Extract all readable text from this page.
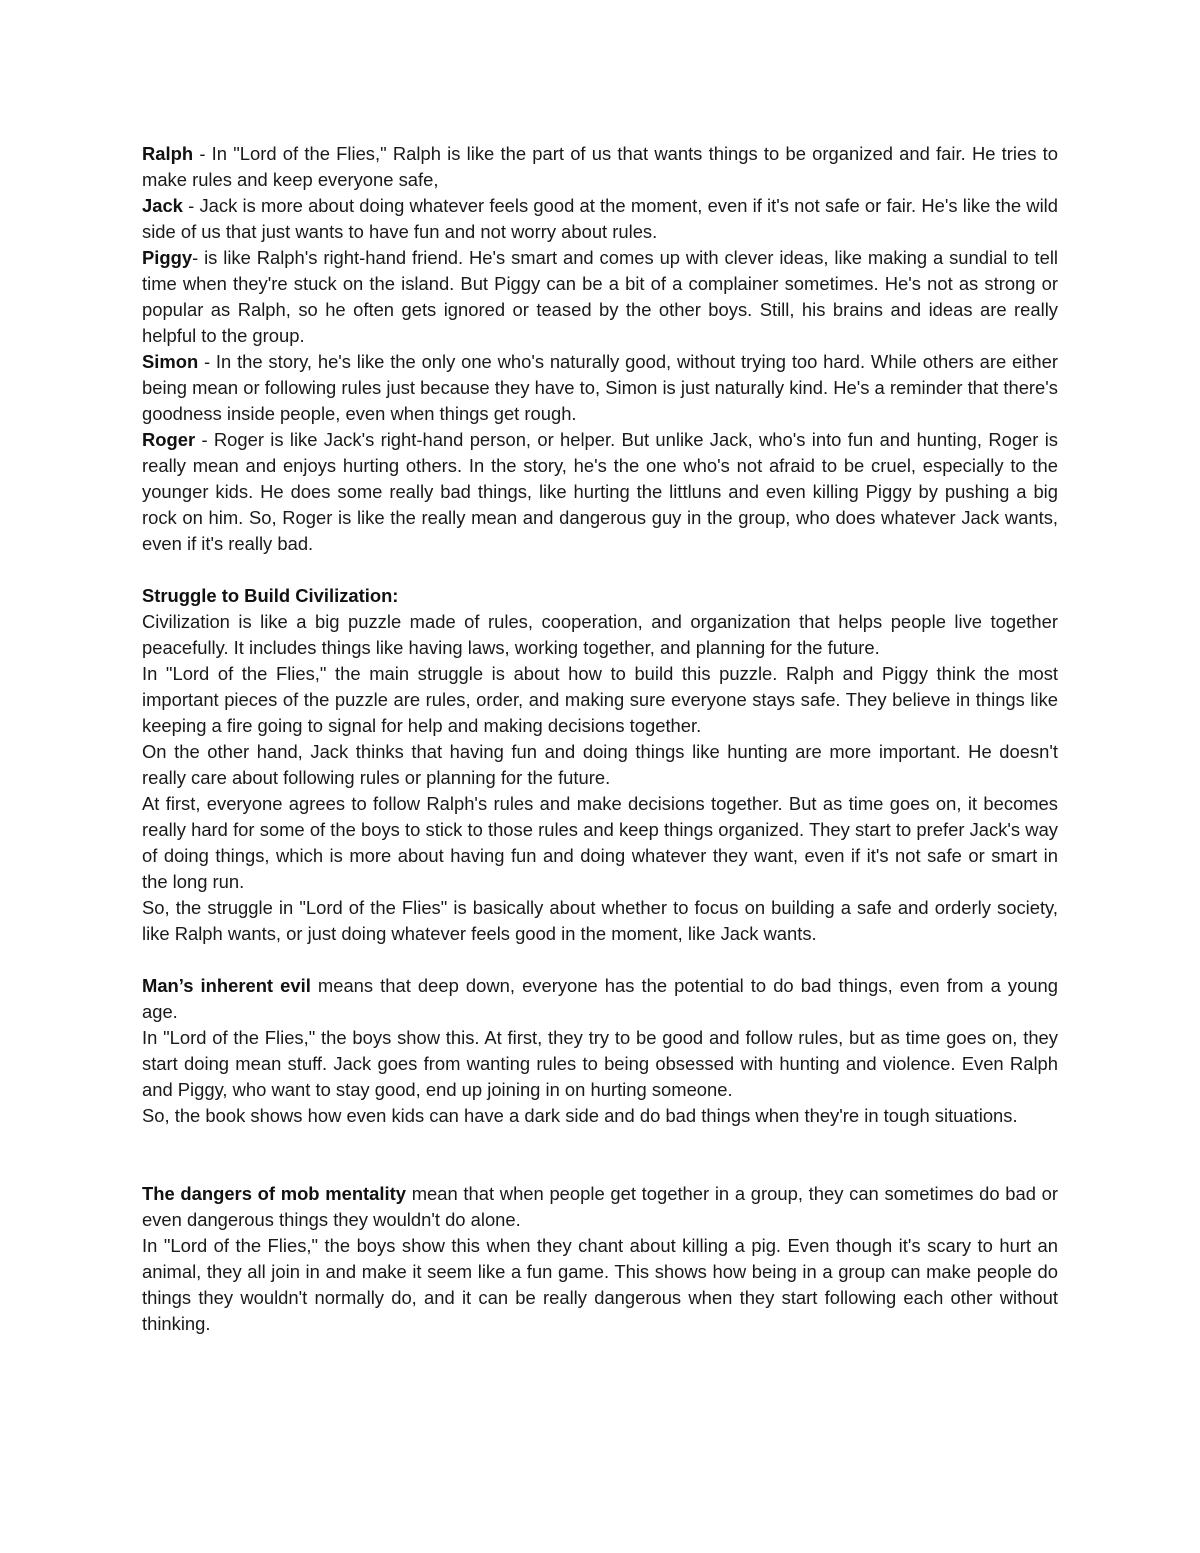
Ralph - In "Lord of the Flies," Ralph is like the part of us that wants things to be organized and fair. He tries to make rules and keep everyone safe,

Jack - Jack is more about doing whatever feels good at the moment, even if it's not safe or fair. He's like the wild side of us that just wants to have fun and not worry about rules.

Piggy- is like Ralph's right-hand friend. He's smart and comes up with clever ideas, like making a sundial to tell time when they're stuck on the island. But Piggy can be a bit of a complainer sometimes. He's not as strong or popular as Ralph, so he often gets ignored or teased by the other boys. Still, his brains and ideas are really helpful to the group.

Simon - In the story, he's like the only one who's naturally good, without trying too hard. While others are either being mean or following rules just because they have to, Simon is just naturally kind. He's a reminder that there's goodness inside people, even when things get rough.

Roger - Roger is like Jack's right-hand person, or helper. But unlike Jack, who's into fun and hunting, Roger is really mean and enjoys hurting others. In the story, he's the one who's not afraid to be cruel, especially to the younger kids. He does some really bad things, like hurting the littluns and even killing Piggy by pushing a big rock on him. So, Roger is like the really mean and dangerous guy in the group, who does whatever Jack wants, even if it's really bad.

Struggle to Build Civilization:

Civilization is like a big puzzle made of rules, cooperation, and organization that helps people live together peacefully. It includes things like having laws, working together, and planning for the future.

In "Lord of the Flies," the main struggle is about how to build this puzzle. Ralph and Piggy think the most important pieces of the puzzle are rules, order, and making sure everyone stays safe. They believe in things like keeping a fire going to signal for help and making decisions together.

On the other hand, Jack thinks that having fun and doing things like hunting are more important. He doesn't really care about following rules or planning for the future.

At first, everyone agrees to follow Ralph's rules and make decisions together. But as time goes on, it becomes really hard for some of the boys to stick to those rules and keep things organized. They start to prefer Jack's way of doing things, which is more about having fun and doing whatever they want, even if it's not safe or smart in the long run.

So, the struggle in "Lord of the Flies" is basically about whether to focus on building a safe and orderly society, like Ralph wants, or just doing whatever feels good in the moment, like Jack wants.

Man’s inherent evil means that deep down, everyone has the potential to do bad things, even from a young age.

In "Lord of the Flies," the boys show this. At first, they try to be good and follow rules, but as time goes on, they start doing mean stuff. Jack goes from wanting rules to being obsessed with hunting and violence. Even Ralph and Piggy, who want to stay good, end up joining in on hurting someone.

So, the book shows how even kids can have a dark side and do bad things when they're in tough situations.

The dangers of mob mentality mean that when people get together in a group, they can sometimes do bad or even dangerous things they wouldn't do alone.

In "Lord of the Flies," the boys show this when they chant about killing a pig. Even though it's scary to hurt an animal, they all join in and make it seem like a fun game. This shows how being in a group can make people do things they wouldn't normally do, and it can be really dangerous when they start following each other without thinking.
